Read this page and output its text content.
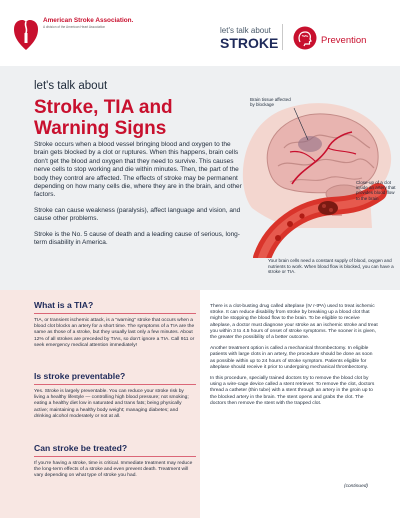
American Stroke Association.
A division of the American Heart Association	let's talk about
STROKE	Prevention
let's talk about
Stroke, TIA and Warning Signs

Stroke occurs when a blood vessel bringing blood and oxygen to the brain gets blocked by a clot or ruptures. When this happens, brain cells don't get the blood and oxygen that they need to survive. This causes nerve cells to stop working and die within minutes. Then, the part of the body they control are affected. The effects of stroke may be permanent depending on how many cells die, where they are in the brain, and other factors.

Stroke can cause weakness (paralysis), affect language and vision, and cause other problems.

Stroke is the No. 5 cause of death and a leading cause of serious, long-term disability in America.

Brain tissue affected by blockage
Close-up of a clot inside an artery that provides blood flow to the brain
Your brain cells need a constant supply of blood, oxygen and nutrients to work. When blood flow is blocked, you can have a stroke or TIA.
What is a TIA?

TIA, or transient ischemic attack, is a "warning" stroke that occurs when a blood clot blocks an artery for a short time. The symptoms of a TIA are the same as those of a stroke, but they usually last only a few minutes. About 12% of all strokes are preceded by TIAs, so don't ignore a TIA. Call 911 or seek emergency medical attention immediately!

Is stroke preventable?

Yes. Stroke is largely preventable. You can reduce your stroke risk by living a healthy lifestyle — controlling high blood pressure; not smoking; eating a healthy diet low in saturated and trans fats; being physically active; maintaining a healthy body weight; managing diabetes; and drinking alcohol moderately or not at all.

Can stroke be treated?

If you're having a stroke, time is critical. Immediate treatment may reduce the long-term effects of a stroke and even prevent death. Treatment will vary depending on what type of stroke you had.

There is a clot-busting drug called alteplase (IV r-tPA) used to treat ischemic stroke. It can reduce disability from stroke by breaking up a blood clot that might be stopping the blood flow to the brain. To be eligible to receive alteplase, a doctor must diagnose your stroke as an ischemic stroke and treat you within 3 to 4.5 hours of onset of stroke symptoms. The sooner it is given, the greater the possibility of a better outcome.

Another treatment option is called a mechanical thrombectomy. In eligible patients with large clots in an artery, the procedure should be done as soon as possible within up to 24 hours of stroke symptom. Patients eligible for alteplase should receive it prior to undergoing mechanical thrombectomy.

In this procedure, specially trained doctors try to remove the blood clot by using a wire-cage device called a stent retriever. To remove the clot, doctors thread a catheter (thin tube) with a stent through an artery in the groin up to the blocked artery in the brain. The stent opens and grabs the clot. The doctors then remove the stent with the trapped clot.

(continued)
